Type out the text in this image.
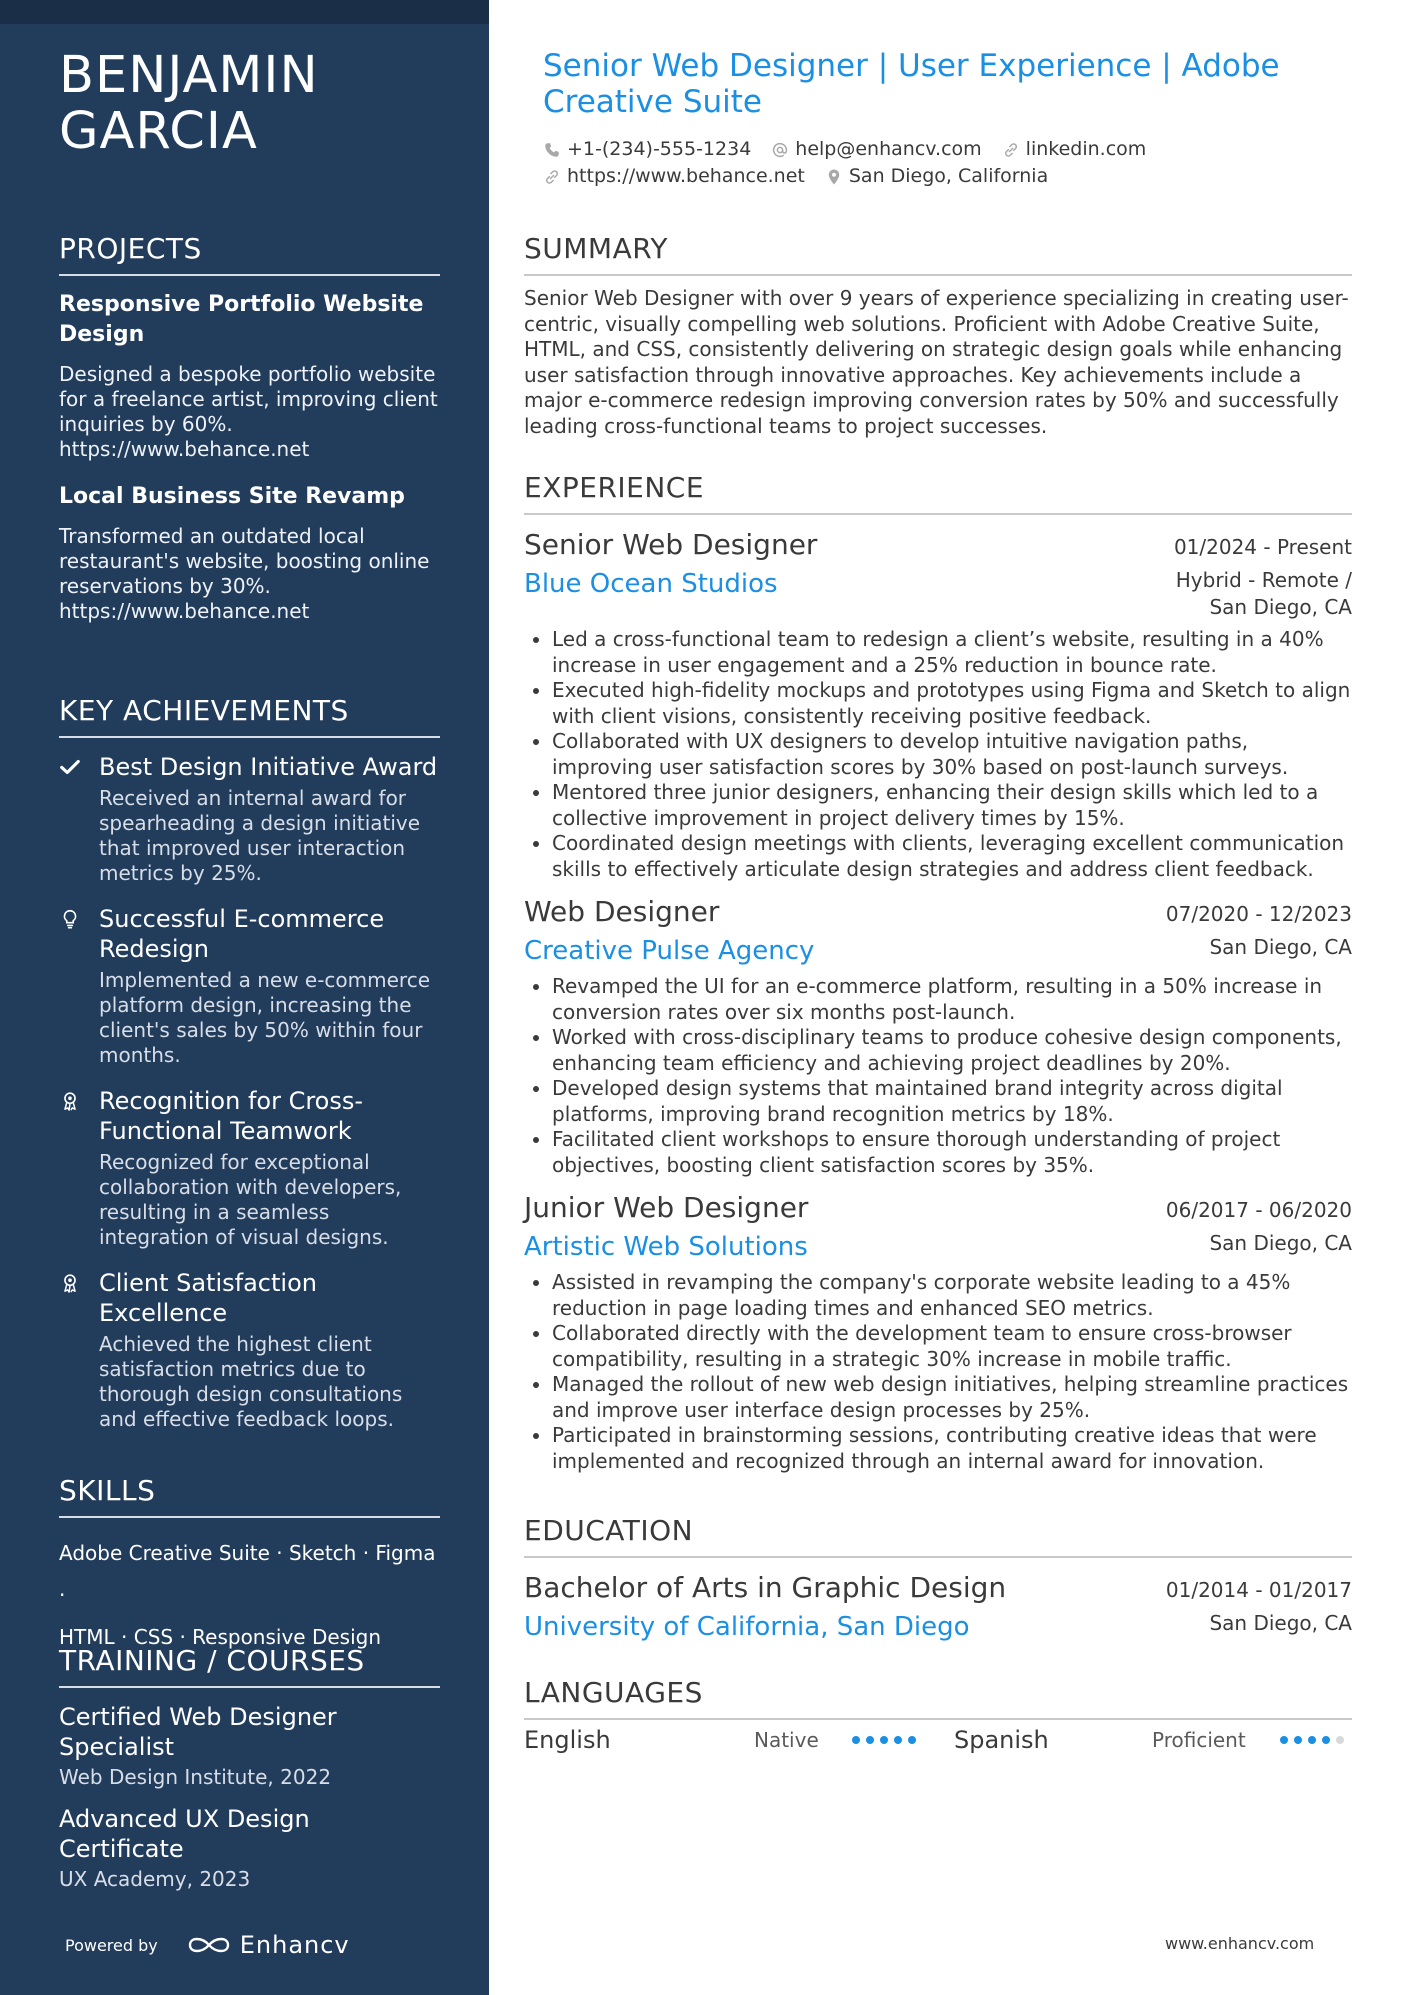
BENJAMIN GARCIA
PROJECTS
Responsive Portfolio Website Design
Designed a bespoke portfolio website for a freelance artist, improving client inquiries by 60%.
https://www.behance.net
Local Business Site Revamp
Transformed an outdated local restaurant's website, boosting online reservations by 30%.
https://www.behance.net
KEY ACHIEVEMENTS
Best Design Initiative Award
Received an internal award for spearheading a design initiative that improved user interaction metrics by 25%.
Successful E-commerce Redesign
Implemented a new e-commerce platform design, increasing the client's sales by 50% within four months.
Recognition for Cross-Functional Teamwork
Recognized for exceptional collaboration with developers, resulting in a seamless integration of visual designs.
Client Satisfaction Excellence
Achieved the highest client satisfaction metrics due to thorough design consultations and effective feedback loops.
SKILLS
Adobe Creative Suite · Sketch · Figma ·
HTML · CSS · Responsive Design
TRAINING / COURSES
Certified Web Designer Specialist
Web Design Institute, 2022
Advanced UX Design Certificate
UX Academy, 2023
Powered by	Enhancv
Senior Web Designer | User Experience | Adobe Creative Suite
+1-(234)-555-1234 help@enhancv.com linkedin.com
https://www.behance.net San Diego, California
SUMMARY
Senior Web Designer with over 9 years of experience specializing in creating user-centric, visually compelling web solutions. Proficient with Adobe Creative Suite, HTML, and CSS, consistently delivering on strategic design goals while enhancing user satisfaction through innovative approaches. Key achievements include a major e-commerce redesign improving conversion rates by 50% and successfully leading cross-functional teams to project successes.
EXPERIENCE
Senior Web Designer	01/2024 - Present
Blue Ocean Studios	Hybrid - Remote /
San Diego, CA
• Led a cross-functional team to redesign a client’s website, resulting in a 40% increase in user engagement and a 25% reduction in bounce rate.
• Executed high-fidelity mockups and prototypes using Figma and Sketch to align with client visions, consistently receiving positive feedback.
• Collaborated with UX designers to develop intuitive navigation paths, improving user satisfaction scores by 30% based on post-launch surveys.
• Mentored three junior designers, enhancing their design skills which led to a collective improvement in project delivery times by 15%.
• Coordinated design meetings with clients, leveraging excellent communication skills to effectively articulate design strategies and address client feedback.
Web Designer	07/2020 - 12/2023
Creative Pulse Agency	San Diego, CA
• Revamped the UI for an e-commerce platform, resulting in a 50% increase in conversion rates over six months post-launch.
• Worked with cross-disciplinary teams to produce cohesive design components, enhancing team efficiency and achieving project deadlines by 20%.
• Developed design systems that maintained brand integrity across digital platforms, improving brand recognition metrics by 18%.
• Facilitated client workshops to ensure thorough understanding of project objectives, boosting client satisfaction scores by 35%.
Junior Web Designer	06/2017 - 06/2020
Artistic Web Solutions	San Diego, CA
• Assisted in revamping the company's corporate website leading to a 45% reduction in page loading times and enhanced SEO metrics.
• Collaborated directly with the development team to ensure cross-browser compatibility, resulting in a strategic 30% increase in mobile traffic.
• Managed the rollout of new web design initiatives, helping streamline practices and improve user interface design processes by 25%.
• Participated in brainstorming sessions, contributing creative ideas that were implemented and recognized through an internal award for innovation.
EDUCATION
Bachelor of Arts in Graphic Design	01/2014 - 01/2017
University of California, San Diego	San Diego, CA
LANGUAGES
English	Native	Spanish	Proficient
www.enhancv.com
